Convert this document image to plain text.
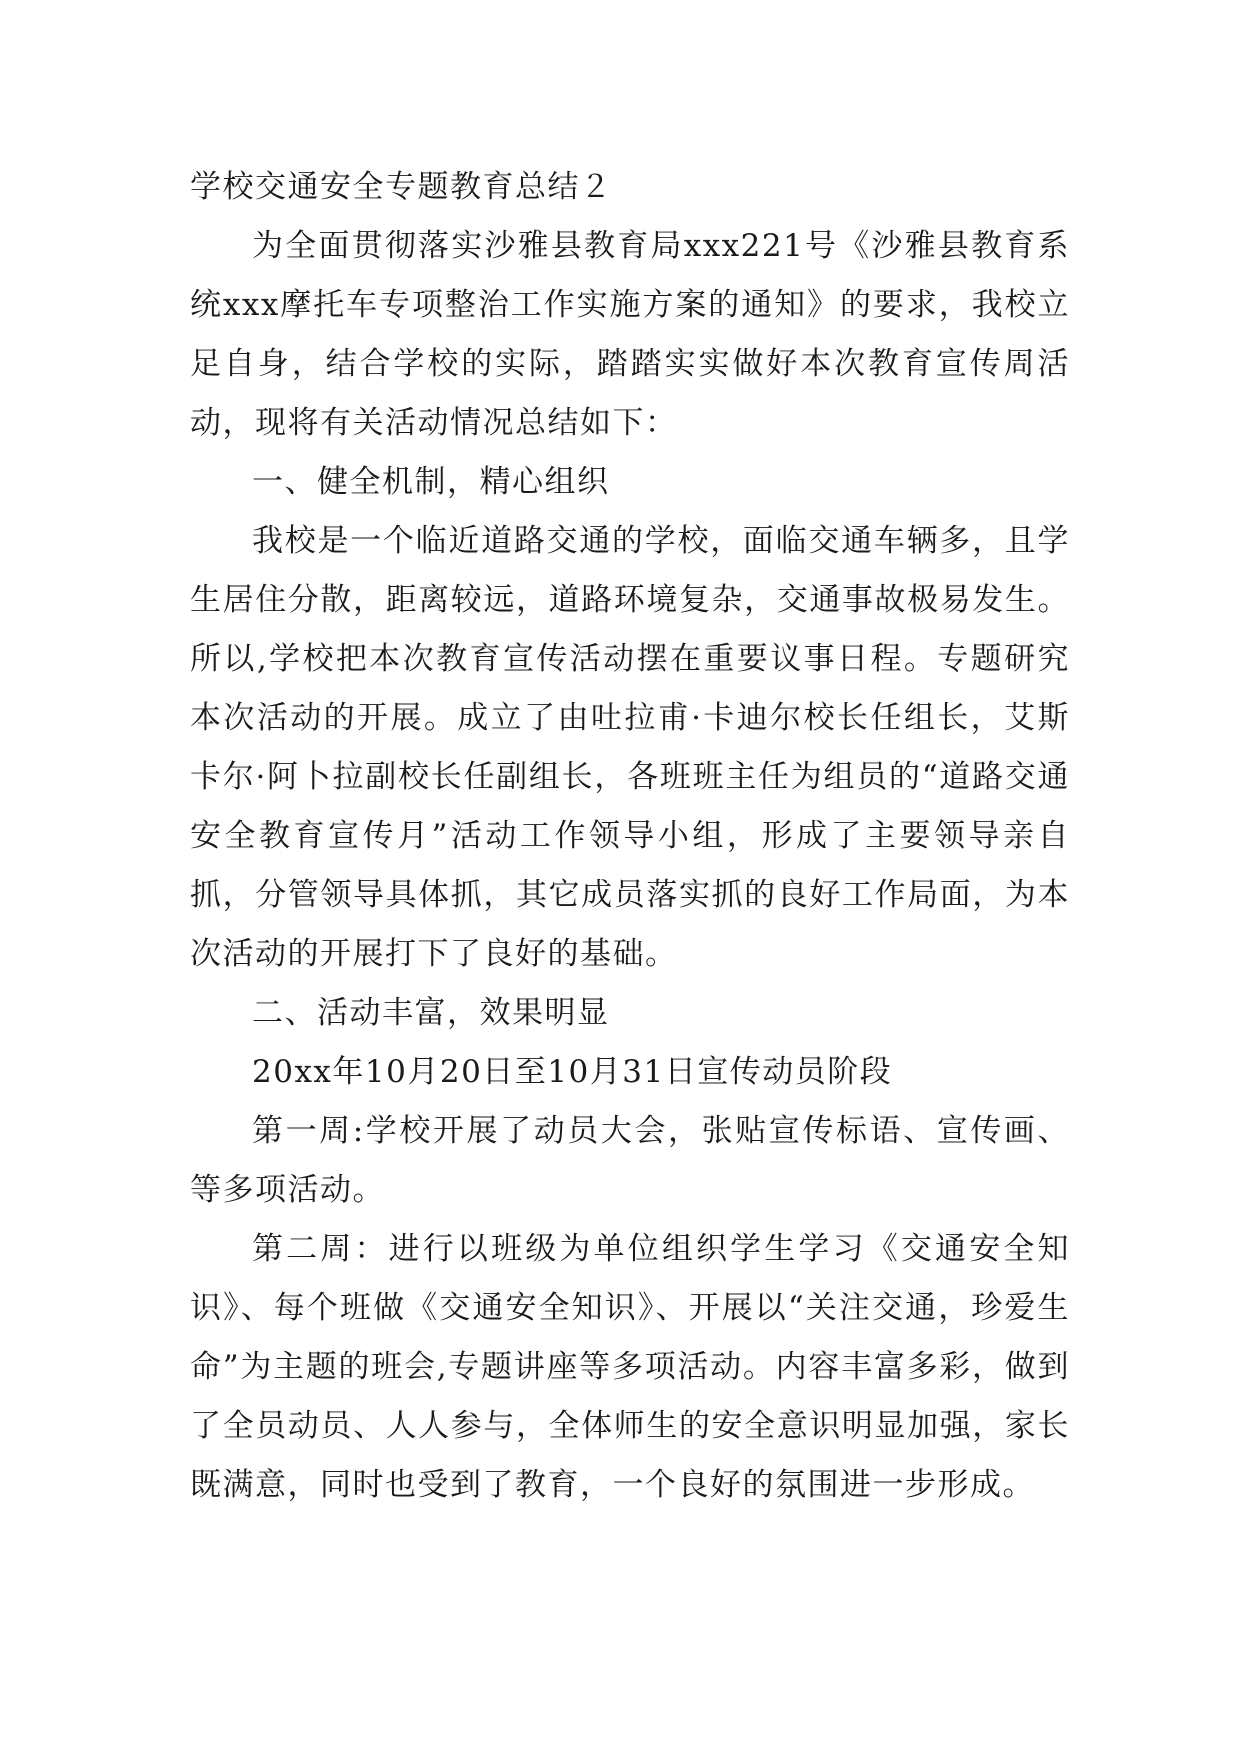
学校交通安全专题教育总结２

为全面贯彻落实沙雅县教育局xxx221号《沙雅县教育系统xxx摩托车专项整治工作实施方案的通知》的要求，我校立足自身，结合学校的实际，踏踏实实做好本次教育宣传周活动，现将有关活动情况总结如下：

一、健全机制，精心组织

我校是一个临近道路交通的学校，面临交通车辆多，且学生居住分散，距离较远，道路环境复杂，交通事故极易发生。所以,学校把本次教育宣传活动摆在重要议事日程。专题研究本次活动的开展。成立了由吐拉甫·卡迪尔校长任组长，艾斯卡尔·阿卜拉副校长任副组长，各班班主任为组员的“道路交通安全教育宣传月”活动工作领导小组，形成了主要领导亲自抓，分管领导具体抓，其它成员落实抓的良好工作局面，为本次活动的开展打下了良好的基础。

二、活动丰富，效果明显

20xx年10月20日至10月31日宣传动员阶段

第一周:学校开展了动员大会，张贴宣传标语、宣传画、等多项活动。

第二周：进行以班级为单位组织学生学习《交通安全知识》、每个班做《交通安全知识》、开展以“关注交通，珍爱生命”为主题的班会,专题讲座等多项活动。内容丰富多彩，做到了全员动员、人人参与，全体师生的安全意识明显加强，家长既满意，同时也受到了教育，一个良好的氛围进一步形成。
